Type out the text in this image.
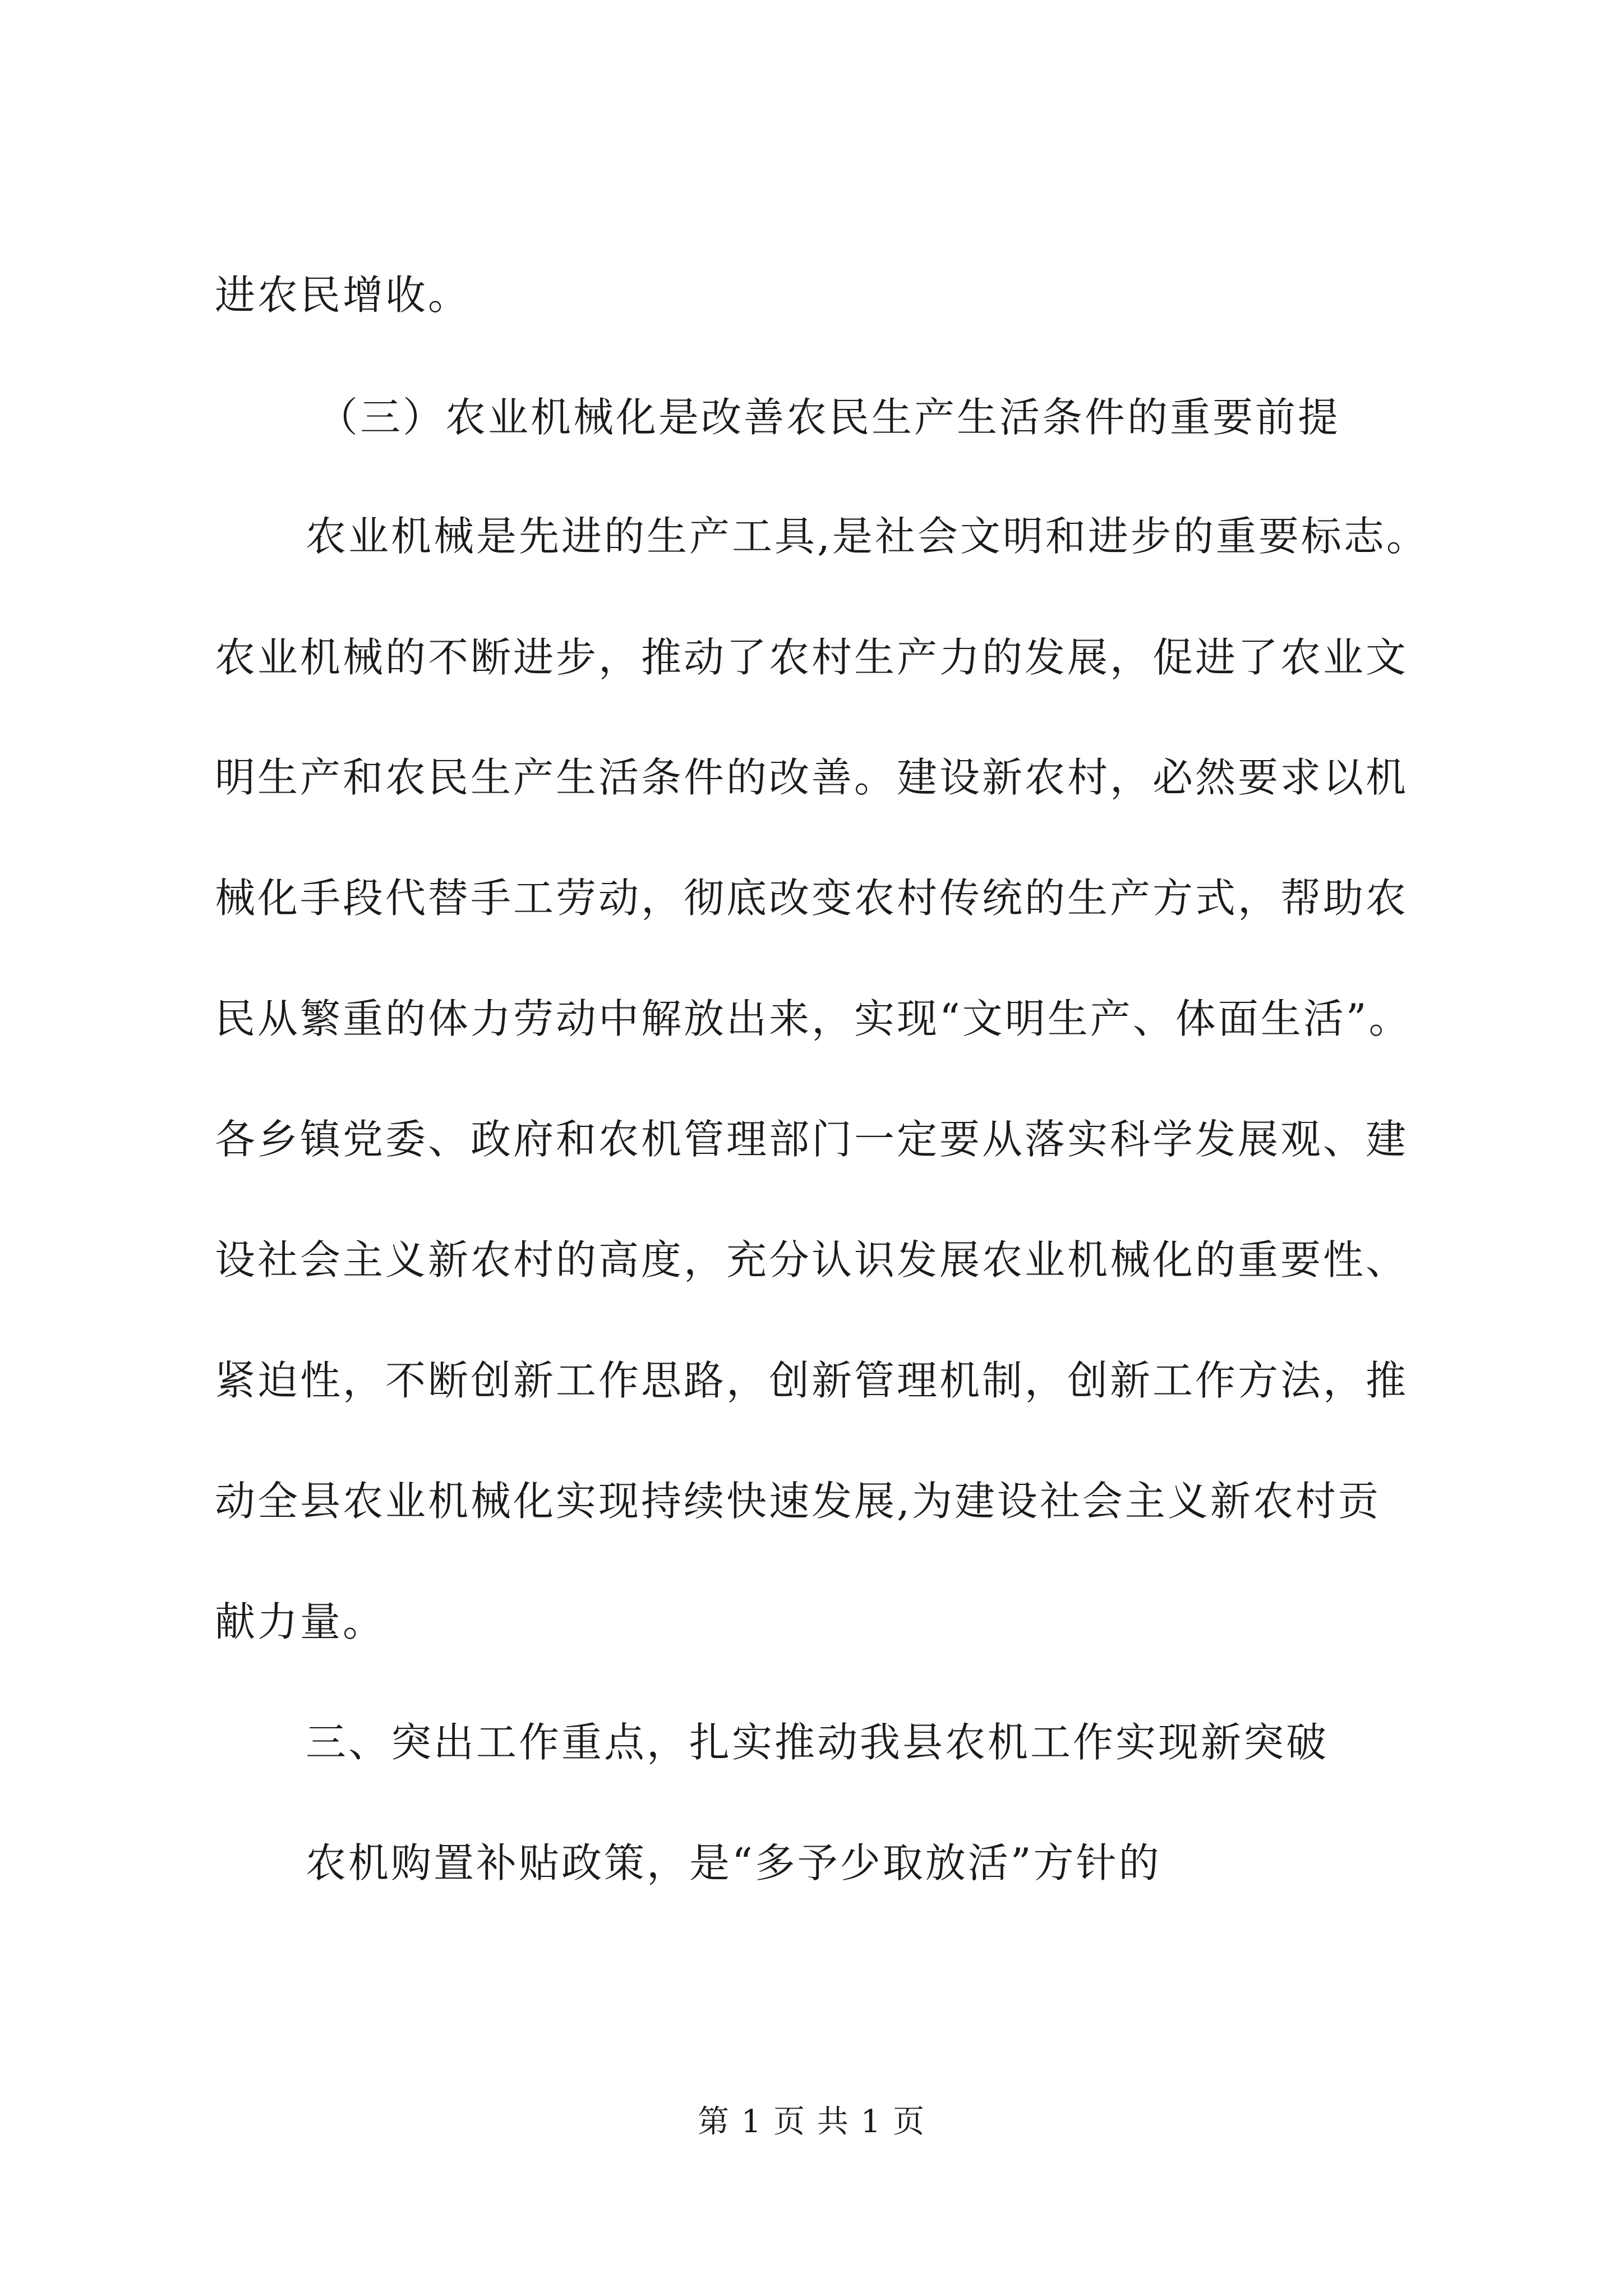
进农民增收。
（三）农业机械化是改善农民生产生活条件的重要前提
农业机械是先进的生产工具,是社会文明和进步的重要标志。
农业机械的不断进步，推动了农村生产力的发展，促进了农业文
明生产和农民生产生活条件的改善。建设新农村，必然要求以机
械化手段代替手工劳动，彻底改变农村传统的生产方式，帮助农
民从繁重的体力劳动中解放出来，实现“文明生产、体面生活”。
各乡镇党委、政府和农机管理部门一定要从落实科学发展观、建
设社会主义新农村的高度，充分认识发展农业机械化的重要性、
紧迫性，不断创新工作思路，创新管理机制，创新工作方法，推
动全县农业机械化实现持续快速发展,为建设社会主义新农村贡
献力量。
三、突出工作重点，扎实推动我县农机工作实现新突破
农机购置补贴政策，是“多予少取放活”方针的
第 1 页 共 1 页
